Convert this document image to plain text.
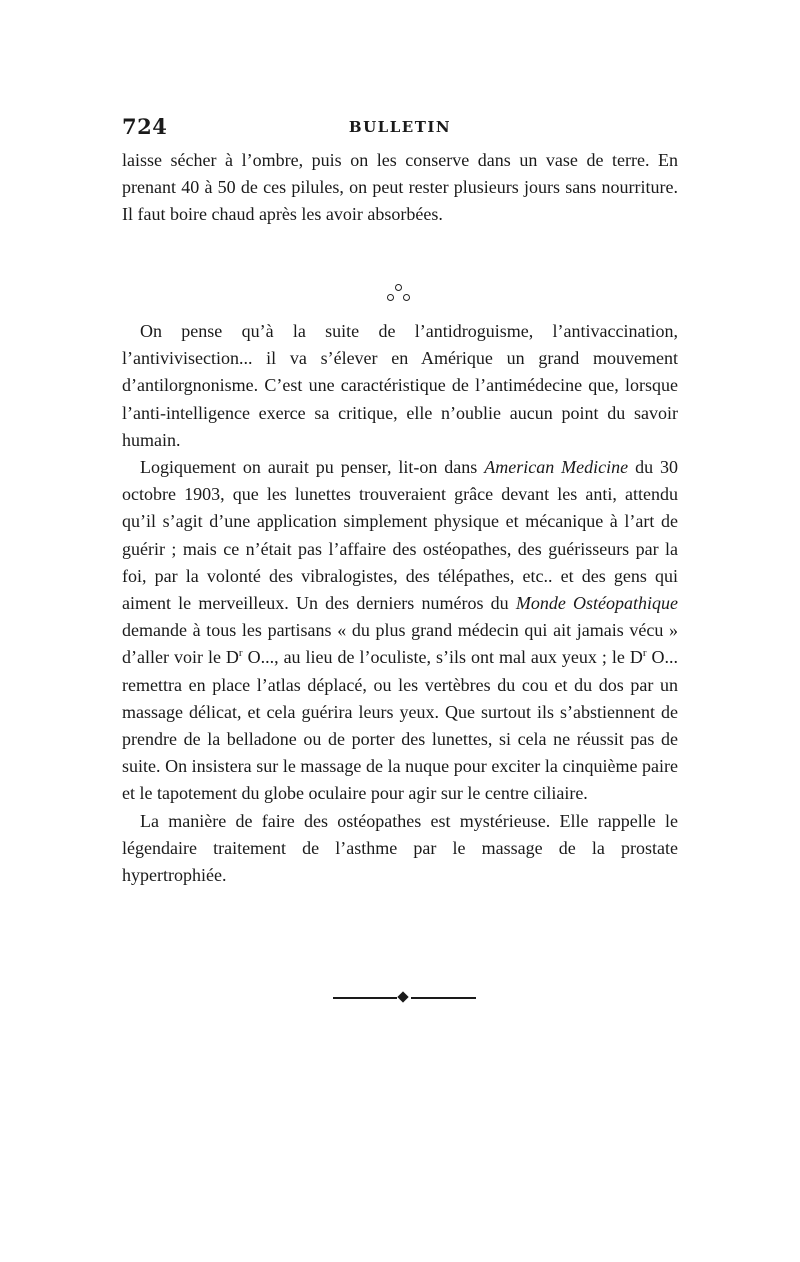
724	BULLETIN

laisse sécher à l’ombre, puis on les conserve dans un vase de terre. En prenant 40 à 50 de ces pilules, on peut rester plusieurs jours sans nourriture. Il faut boire chaud après les avoir absorbées.

On pense qu’à la suite de l’antidroguisme, l’antivaccination, l’antivivisection... il va s’élever en Amérique un grand mouvement d’antilorgnonisme. C’est une caractéristique de l’antimédecine que, lorsque l’anti-intelligence exerce sa critique, elle n’oublie aucun point du savoir humain.

Logiquement on aurait pu penser, lit-on dans American Medicine du 30 octobre 1903, que les lunettes trouveraient grâce devant les anti, attendu qu’il s’agit d’une application simplement physique et mécanique à l’art de guérir ; mais ce n’était pas l’affaire des ostéopathes, des guérisseurs par la foi, par la volonté des vibralogistes, des télépathes, etc.. et des gens qui aiment le merveilleux. Un des derniers numéros du Monde Ostéopathique demande à tous les partisans « du plus grand médecin qui ait jamais vécu » d’aller voir le $D^r$ O..., au lieu de l’oculiste, s’ils ont mal aux yeux ; le $D^r$ O... remettra en place l’atlas déplacé, ou les vertèbres du cou et du dos par un massage délicat, et cela guérira leurs yeux. Que surtout ils s’abstiennent de prendre de la belladone ou de porter des lunettes, si cela ne réussit pas de suite. On insistera sur le massage de la nuque pour exciter la cinquième paire et le tapotement du globe oculaire pour agir sur le centre ciliaire.

La manière de faire des ostéopathes est mystérieuse. Elle rappelle le légendaire traitement de l’asthme par le massage de la prostate hypertrophiée.
